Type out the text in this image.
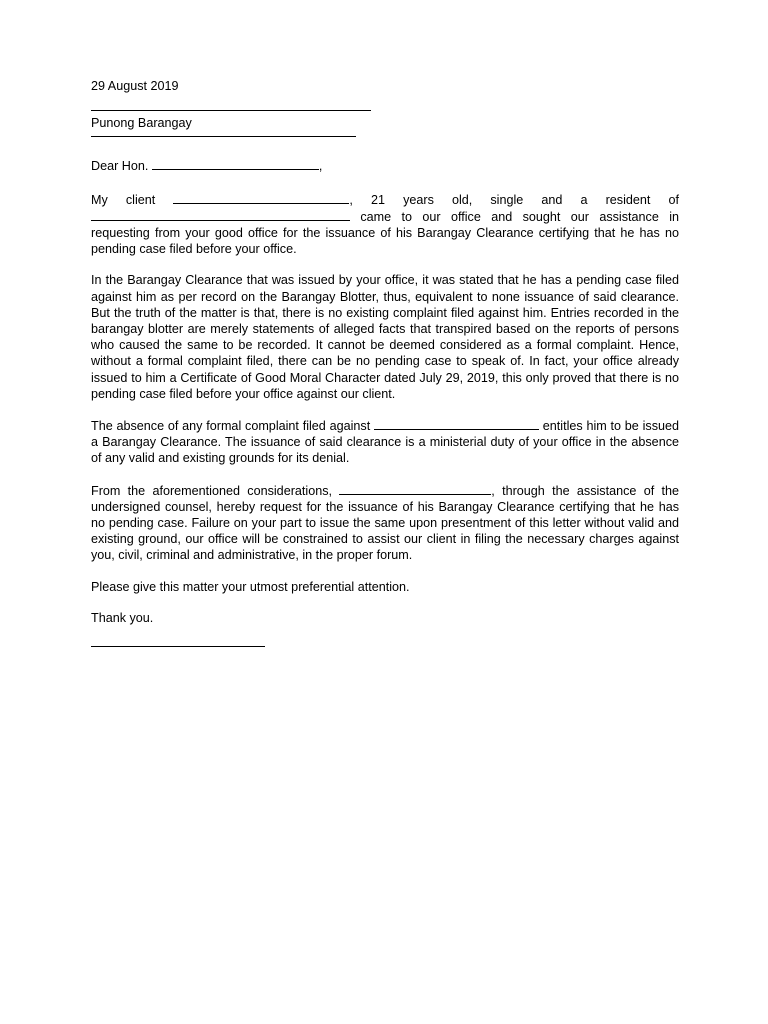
29 August 2019
Punong Barangay

Dear Hon.	,

My client	, 21 years old, single and a resident of  came to our office and sought our assistance in requesting from your good office for the issuance of his Barangay Clearance certifying that he has no pending case filed before your office.

In the Barangay Clearance that was issued by your office, it was stated that he has a pending case filed against him as per record on the Barangay Blotter, thus, equivalent to none issuance of said clearance. But the truth of the matter is that, there is no existing complaint filed against him. Entries recorded in the barangay blotter are merely statements of alleged facts that transpired based on the reports of persons who caused the same to be recorded. It cannot be deemed considered as a formal complaint. Hence, without a formal complaint filed, there can be no pending case to speak of. In fact, your office already issued to him a Certificate of Good Moral Character dated July 29, 2019, this only proved that there is no pending case filed before your office against our client.

The absence of any formal complaint filed against	entitles him to be issued a Barangay Clearance. The issuance of said clearance is a ministerial duty of your office in the absence of any valid and existing grounds for its denial.

From the aforementioned considerations,	, through the assistance of the undersigned counsel, hereby request for the issuance of his Barangay Clearance certifying that he has no pending case. Failure on your part to issue the same upon presentment of this letter without valid and existing ground, our office will be constrained to assist our client in filing the necessary charges against you, civil, criminal and administrative, in the proper forum.

Please give this matter your utmost preferential attention.

Thank you.
